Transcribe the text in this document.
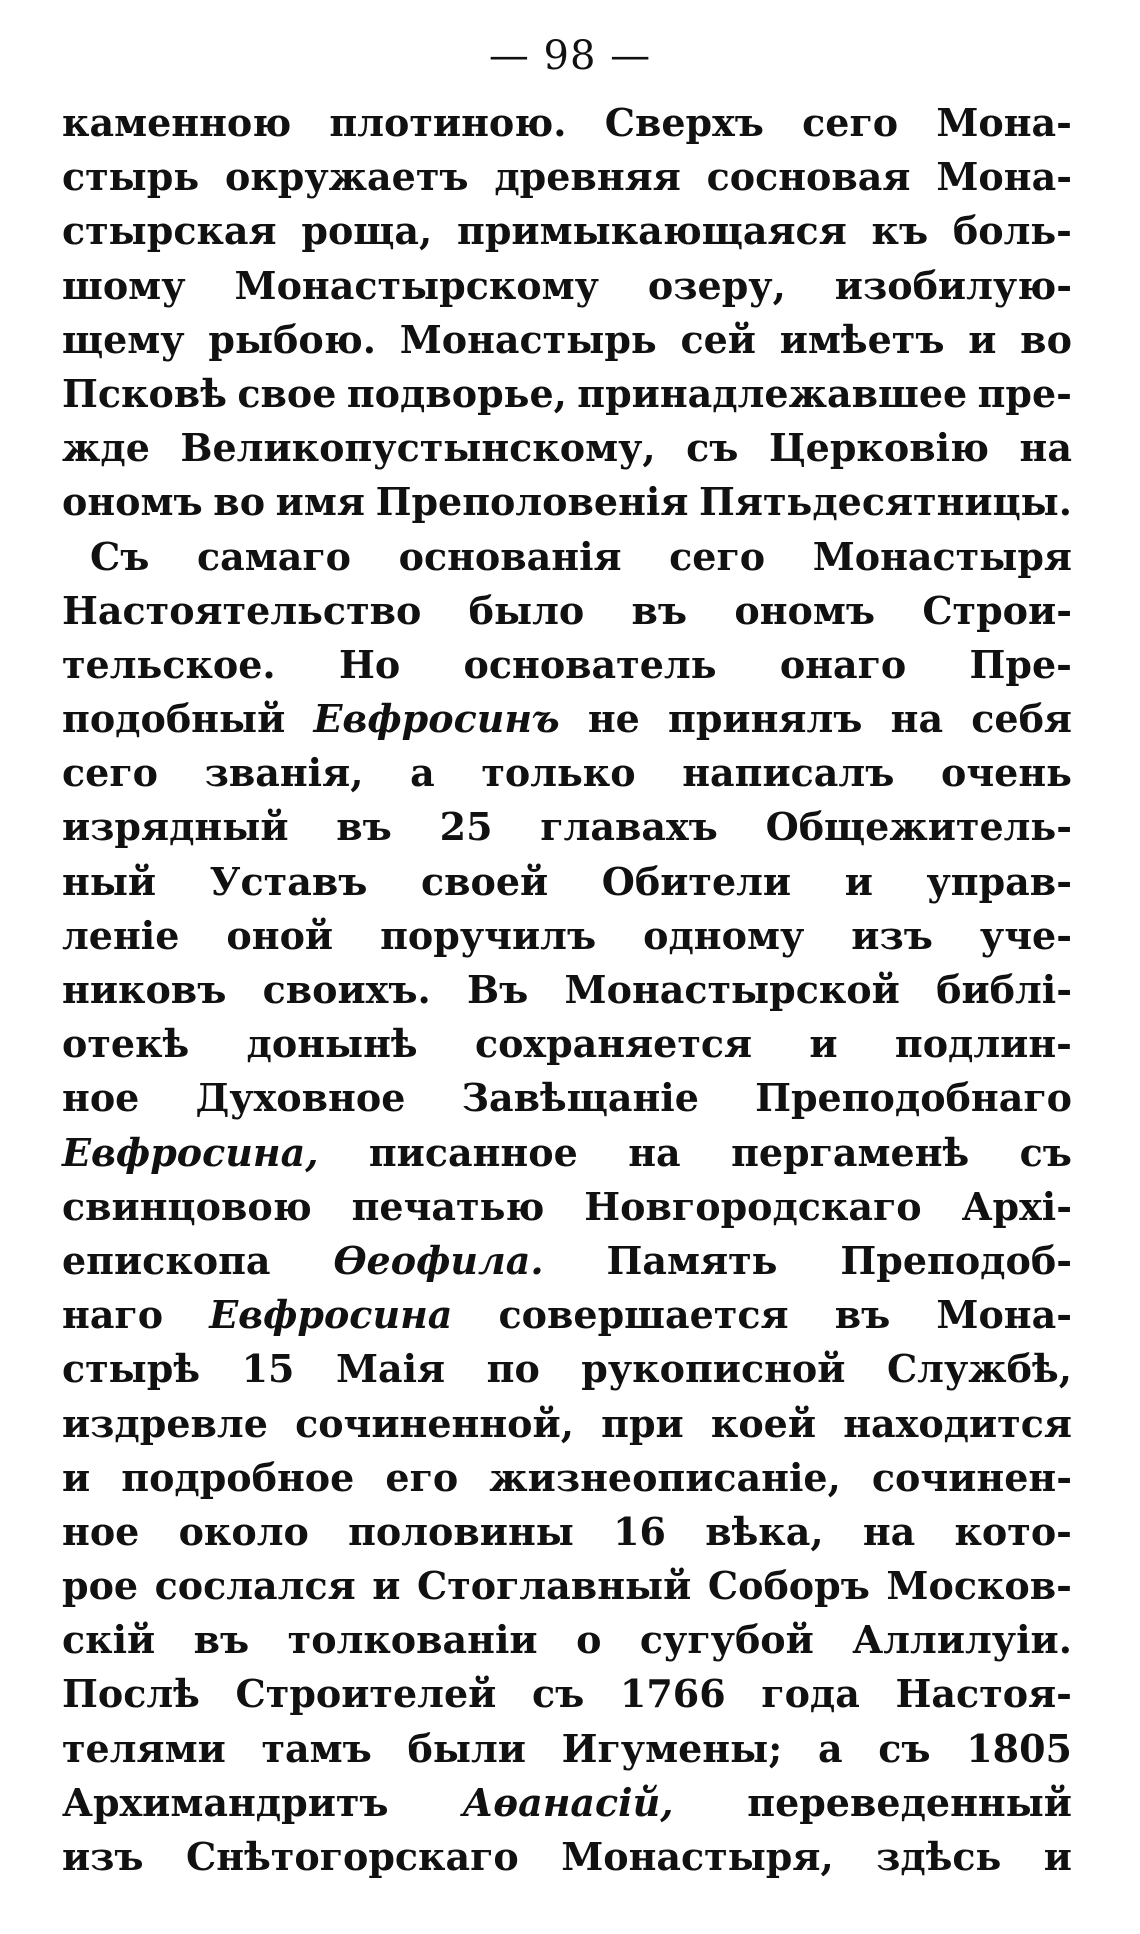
— 98 —
каменною плотиною. Сверхъ сего Мона-
стырь окружаетъ древняя сосновая Мона-
стырская роща, примыкающаяся къ боль-
шому Монастырскому озеру, изобилую-
щему рыбою. Монастырь сей имѣетъ и во
Псковѣ свое подворье, принадлежавшее пре-
жде Великопустынскому, съ Церковію на
ономъ во имя Преполовенія Пятьдесятницы.
Съ самаго основанія сего Монастыря
Настоятельство было въ ономъ Строи-
тельское. Но основатель онаго Пре-
подобный Евфросинъ не принялъ на себя
сего званія, а только написалъ очень
изрядный въ 25 главахъ Общежитель-
ный Уставъ своей Обители и управ-
леніе оной поручилъ одному изъ уче-
никовъ своихъ. Въ Монастырской библі-
отекѣ донынѣ сохраняется и подлин-
ное Духовное Завѣщаніе Преподобнаго
Евфросина, писанное на пергаменѣ съ
свинцовою печатью Новгородскаго Архі-
епископа Ѳеофила. Память Преподоб-
наго Евфросина совершается въ Мона-
стырѣ 15 Маія по рукописной Службѣ,
издревле сочиненной, при коей находится
и подробное его жизнеописаніе, сочинен-
ное около половины 16 вѣка, на кото-
рое сослался и Стоглавный Соборъ Москов-
скій въ толкованіи о сугубой Аллилуіи.
Послѣ Строителей съ 1766 года Настоя-
телями тамъ были Игумены; а съ 1805
Архимандритъ Аѳанасій, переведенный
изъ Снѣтогорскаго Монастыря, здѣсь и
